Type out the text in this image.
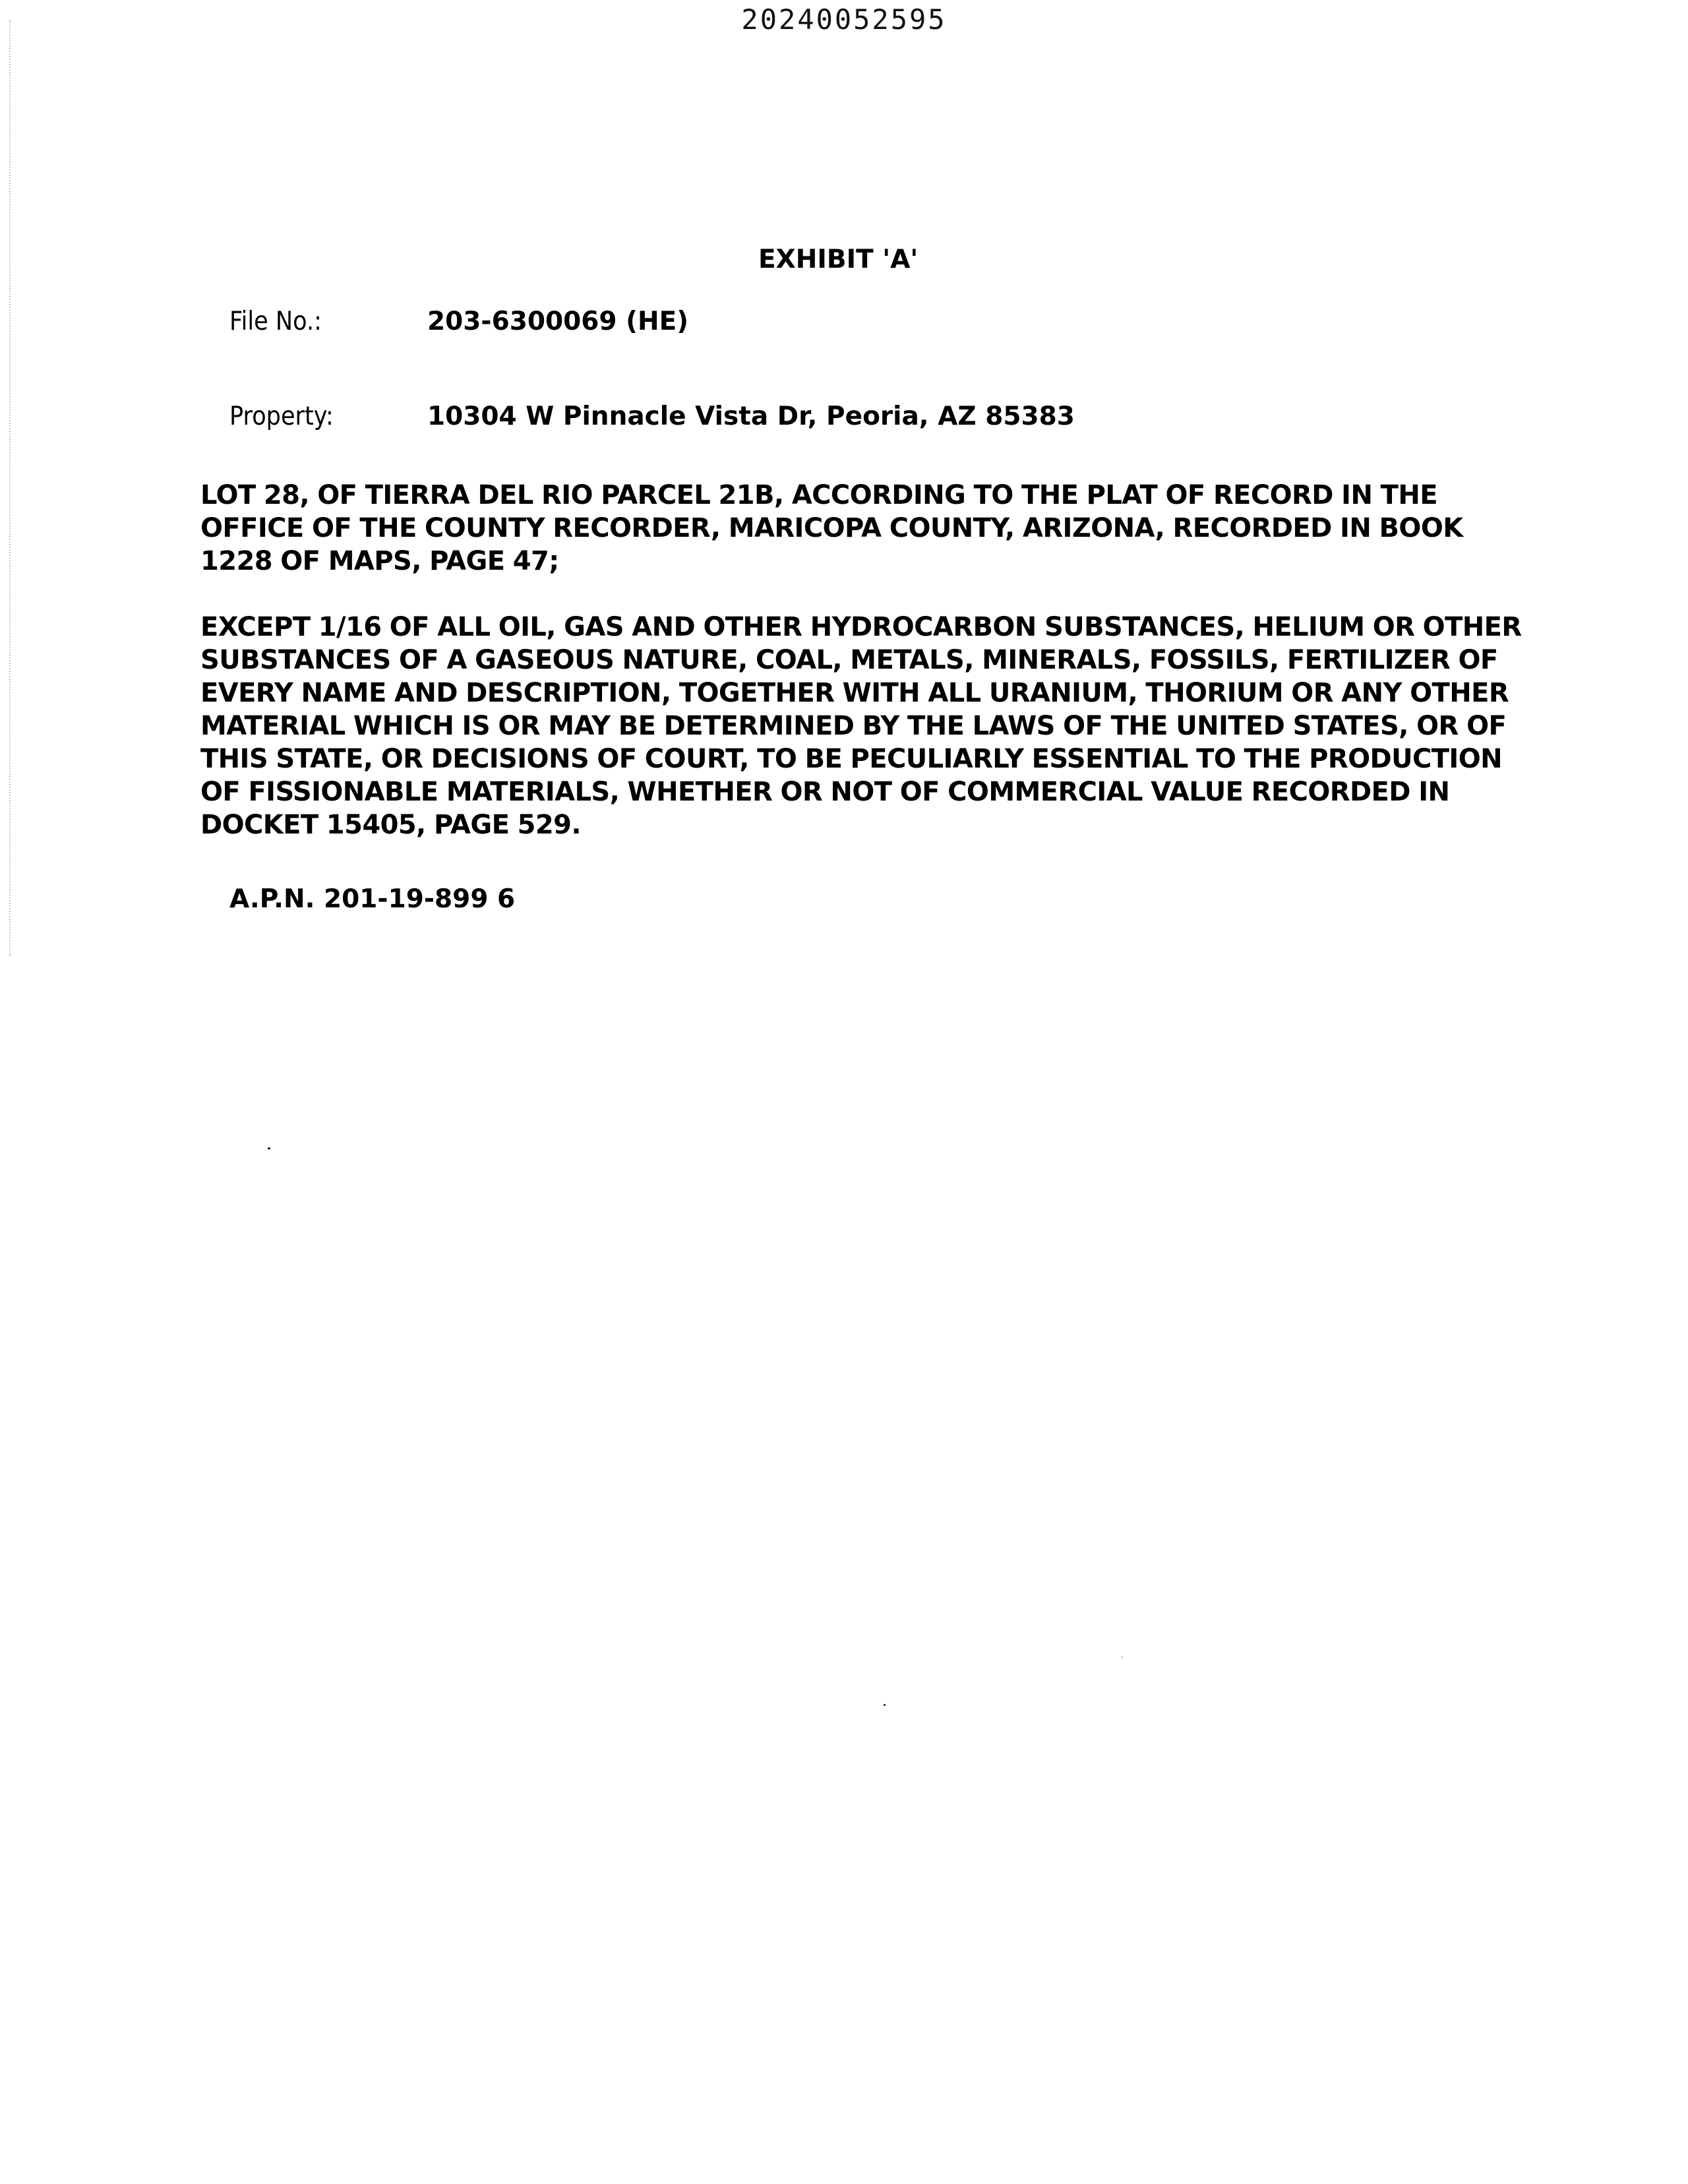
20240052595
EXHIBIT 'A'
File No.:	203-6300069 (HE)
Property:	10304 W Pinnacle Vista Dr, Peoria, AZ 85383

LOT 28, OF TIERRA DEL RIO PARCEL 21B, ACCORDING TO THE PLAT OF RECORD IN THE OFFICE OF THE COUNTY RECORDER, MARICOPA COUNTY, ARIZONA, RECORDED IN BOOK 1228 OF MAPS, PAGE 47;

EXCEPT 1/16 OF ALL OIL, GAS AND OTHER HYDROCARBON SUBSTANCES, HELIUM OR OTHER SUBSTANCES OF A GASEOUS NATURE, COAL, METALS, MINERALS, FOSSILS, FERTILIZER OF EVERY NAME AND DESCRIPTION, TOGETHER WITH ALL URANIUM, THORIUM OR ANY OTHER MATERIAL WHICH IS OR MAY BE DETERMINED BY THE LAWS OF THE UNITED STATES, OR OF THIS STATE, OR DECISIONS OF COURT, TO BE PECULIARLY ESSENTIAL TO THE PRODUCTION OF FISSIONABLE MATERIALS, WHETHER OR NOT OF COMMERCIAL VALUE RECORDED IN DOCKET 15405, PAGE 529.

A.P.N. 201-19-899 6
